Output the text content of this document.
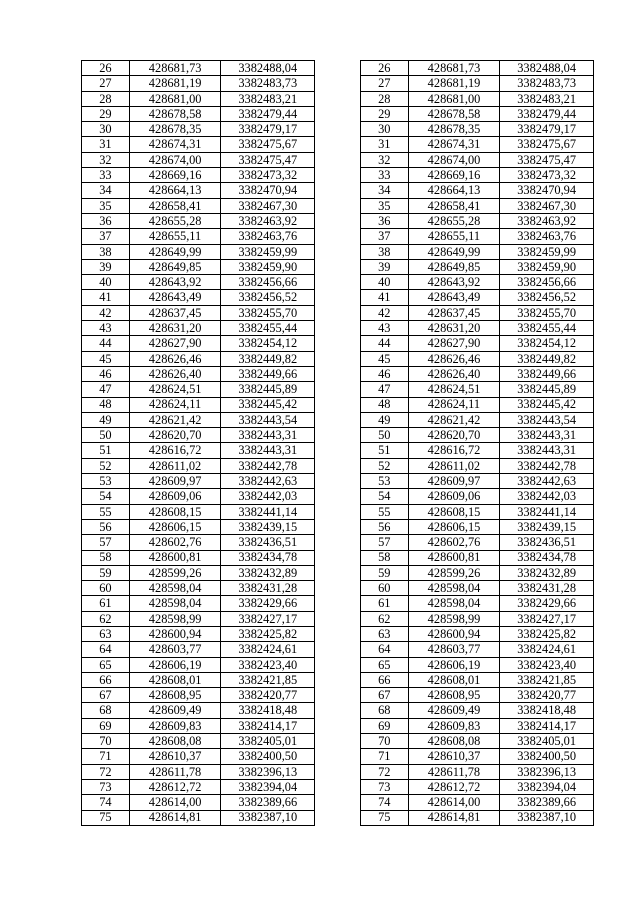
26	428681,73	3382488,04		26	428681,73	3382488,04
27	428681,19	3382483,73		27	428681,19	3382483,73
28	428681,00	3382483,21		28	428681,00	3382483,21
29	428678,58	3382479,44		29	428678,58	3382479,44
30	428678,35	3382479,17		30	428678,35	3382479,17
31	428674,31	3382475,67		31	428674,31	3382475,67
32	428674,00	3382475,47		32	428674,00	3382475,47
33	428669,16	3382473,32		33	428669,16	3382473,32
34	428664,13	3382470,94		34	428664,13	3382470,94
35	428658,41	3382467,30		35	428658,41	3382467,30
36	428655,28	3382463,92		36	428655,28	3382463,92
37	428655,11	3382463,76		37	428655,11	3382463,76
38	428649,99	3382459,99		38	428649,99	3382459,99
39	428649,85	3382459,90		39	428649,85	3382459,90
40	428643,92	3382456,66		40	428643,92	3382456,66
41	428643,49	3382456,52		41	428643,49	3382456,52
42	428637,45	3382455,70		42	428637,45	3382455,70
43	428631,20	3382455,44		43	428631,20	3382455,44
44	428627,90	3382454,12		44	428627,90	3382454,12
45	428626,46	3382449,82		45	428626,46	3382449,82
46	428626,40	3382449,66		46	428626,40	3382449,66
47	428624,51	3382445,89		47	428624,51	3382445,89
48	428624,11	3382445,42		48	428624,11	3382445,42
49	428621,42	3382443,54		49	428621,42	3382443,54
50	428620,70	3382443,31		50	428620,70	3382443,31
51	428616,72	3382443,31		51	428616,72	3382443,31
52	428611,02	3382442,78		52	428611,02	3382442,78
53	428609,97	3382442,63		53	428609,97	3382442,63
54	428609,06	3382442,03		54	428609,06	3382442,03
55	428608,15	3382441,14		55	428608,15	3382441,14
56	428606,15	3382439,15		56	428606,15	3382439,15
57	428602,76	3382436,51		57	428602,76	3382436,51
58	428600,81	3382434,78		58	428600,81	3382434,78
59	428599,26	3382432,89		59	428599,26	3382432,89
60	428598,04	3382431,28		60	428598,04	3382431,28
61	428598,04	3382429,66		61	428598,04	3382429,66
62	428598,99	3382427,17		62	428598,99	3382427,17
63	428600,94	3382425,82		63	428600,94	3382425,82
64	428603,77	3382424,61		64	428603,77	3382424,61
65	428606,19	3382423,40		65	428606,19	3382423,40
66	428608,01	3382421,85		66	428608,01	3382421,85
67	428608,95	3382420,77		67	428608,95	3382420,77
68	428609,49	3382418,48		68	428609,49	3382418,48
69	428609,83	3382414,17		69	428609,83	3382414,17
70	428608,08	3382405,01		70	428608,08	3382405,01
71	428610,37	3382400,50		71	428610,37	3382400,50
72	428611,78	3382396,13		72	428611,78	3382396,13
73	428612,72	3382394,04		73	428612,72	3382394,04
74	428614,00	3382389,66		74	428614,00	3382389,66
75	428614,81	3382387,10		75	428614,81	3382387,10
